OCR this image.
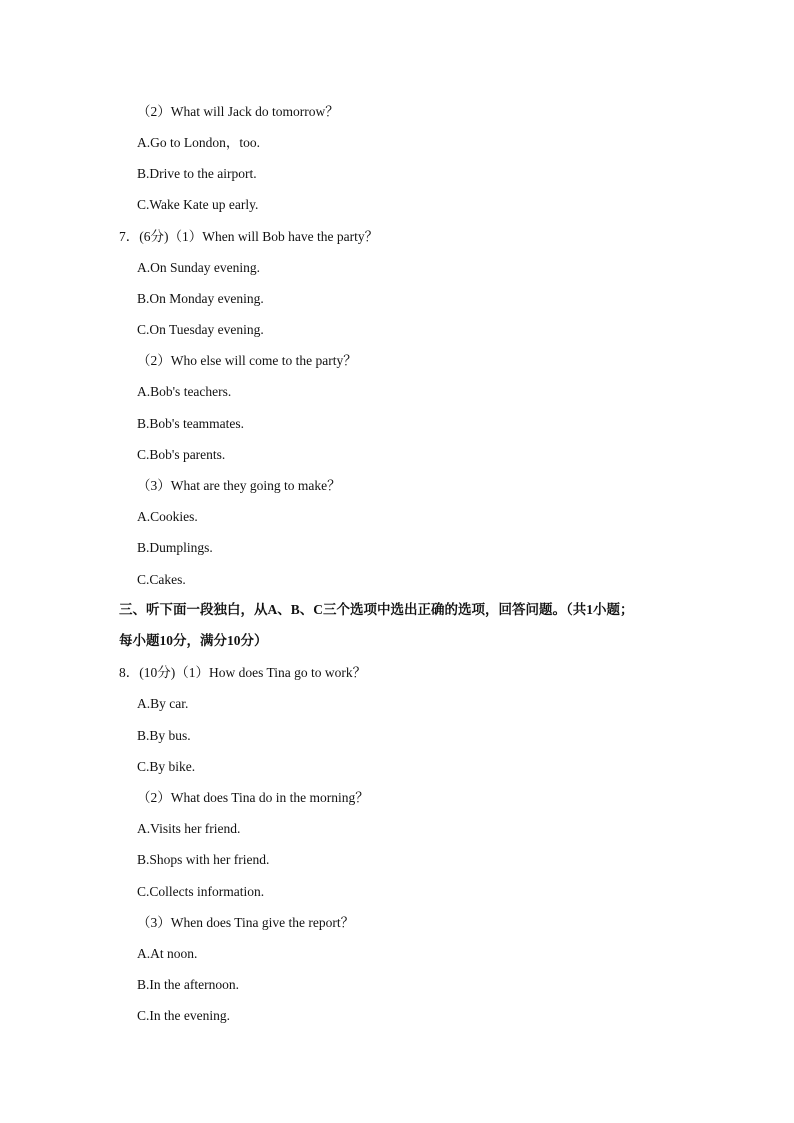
（2）What will Jack do tomorrow？
A.Go to London，too.
B.Drive to the airport.
C.Wake Kate up early.
7．(6分)（1）When will Bob have the party？
A.On Sunday evening.
B.On Monday evening.
C.On Tuesday evening.
（2）Who else will come to the party？
A.Bob's teachers.
B.Bob's teammates.
C.Bob's parents.
（3）What are they going to make？
A.Cookies.
B.Dumplings.
C.Cakes.
三、听下面一段独白，从A、B、C三个选项中选出正确的选项，回答问题。（共1小题；
每小题10分，满分10分）
8．(10分)（1）How does Tina go to work？
A.By car.
B.By bus.
C.By bike.
（2）What does Tina do in the morning？
A.Visits her friend.
B.Shops with her friend.
C.Collects information.
（3）When does Tina give the report？
A.At noon.
B.In the afternoon.
C.In the evening.
